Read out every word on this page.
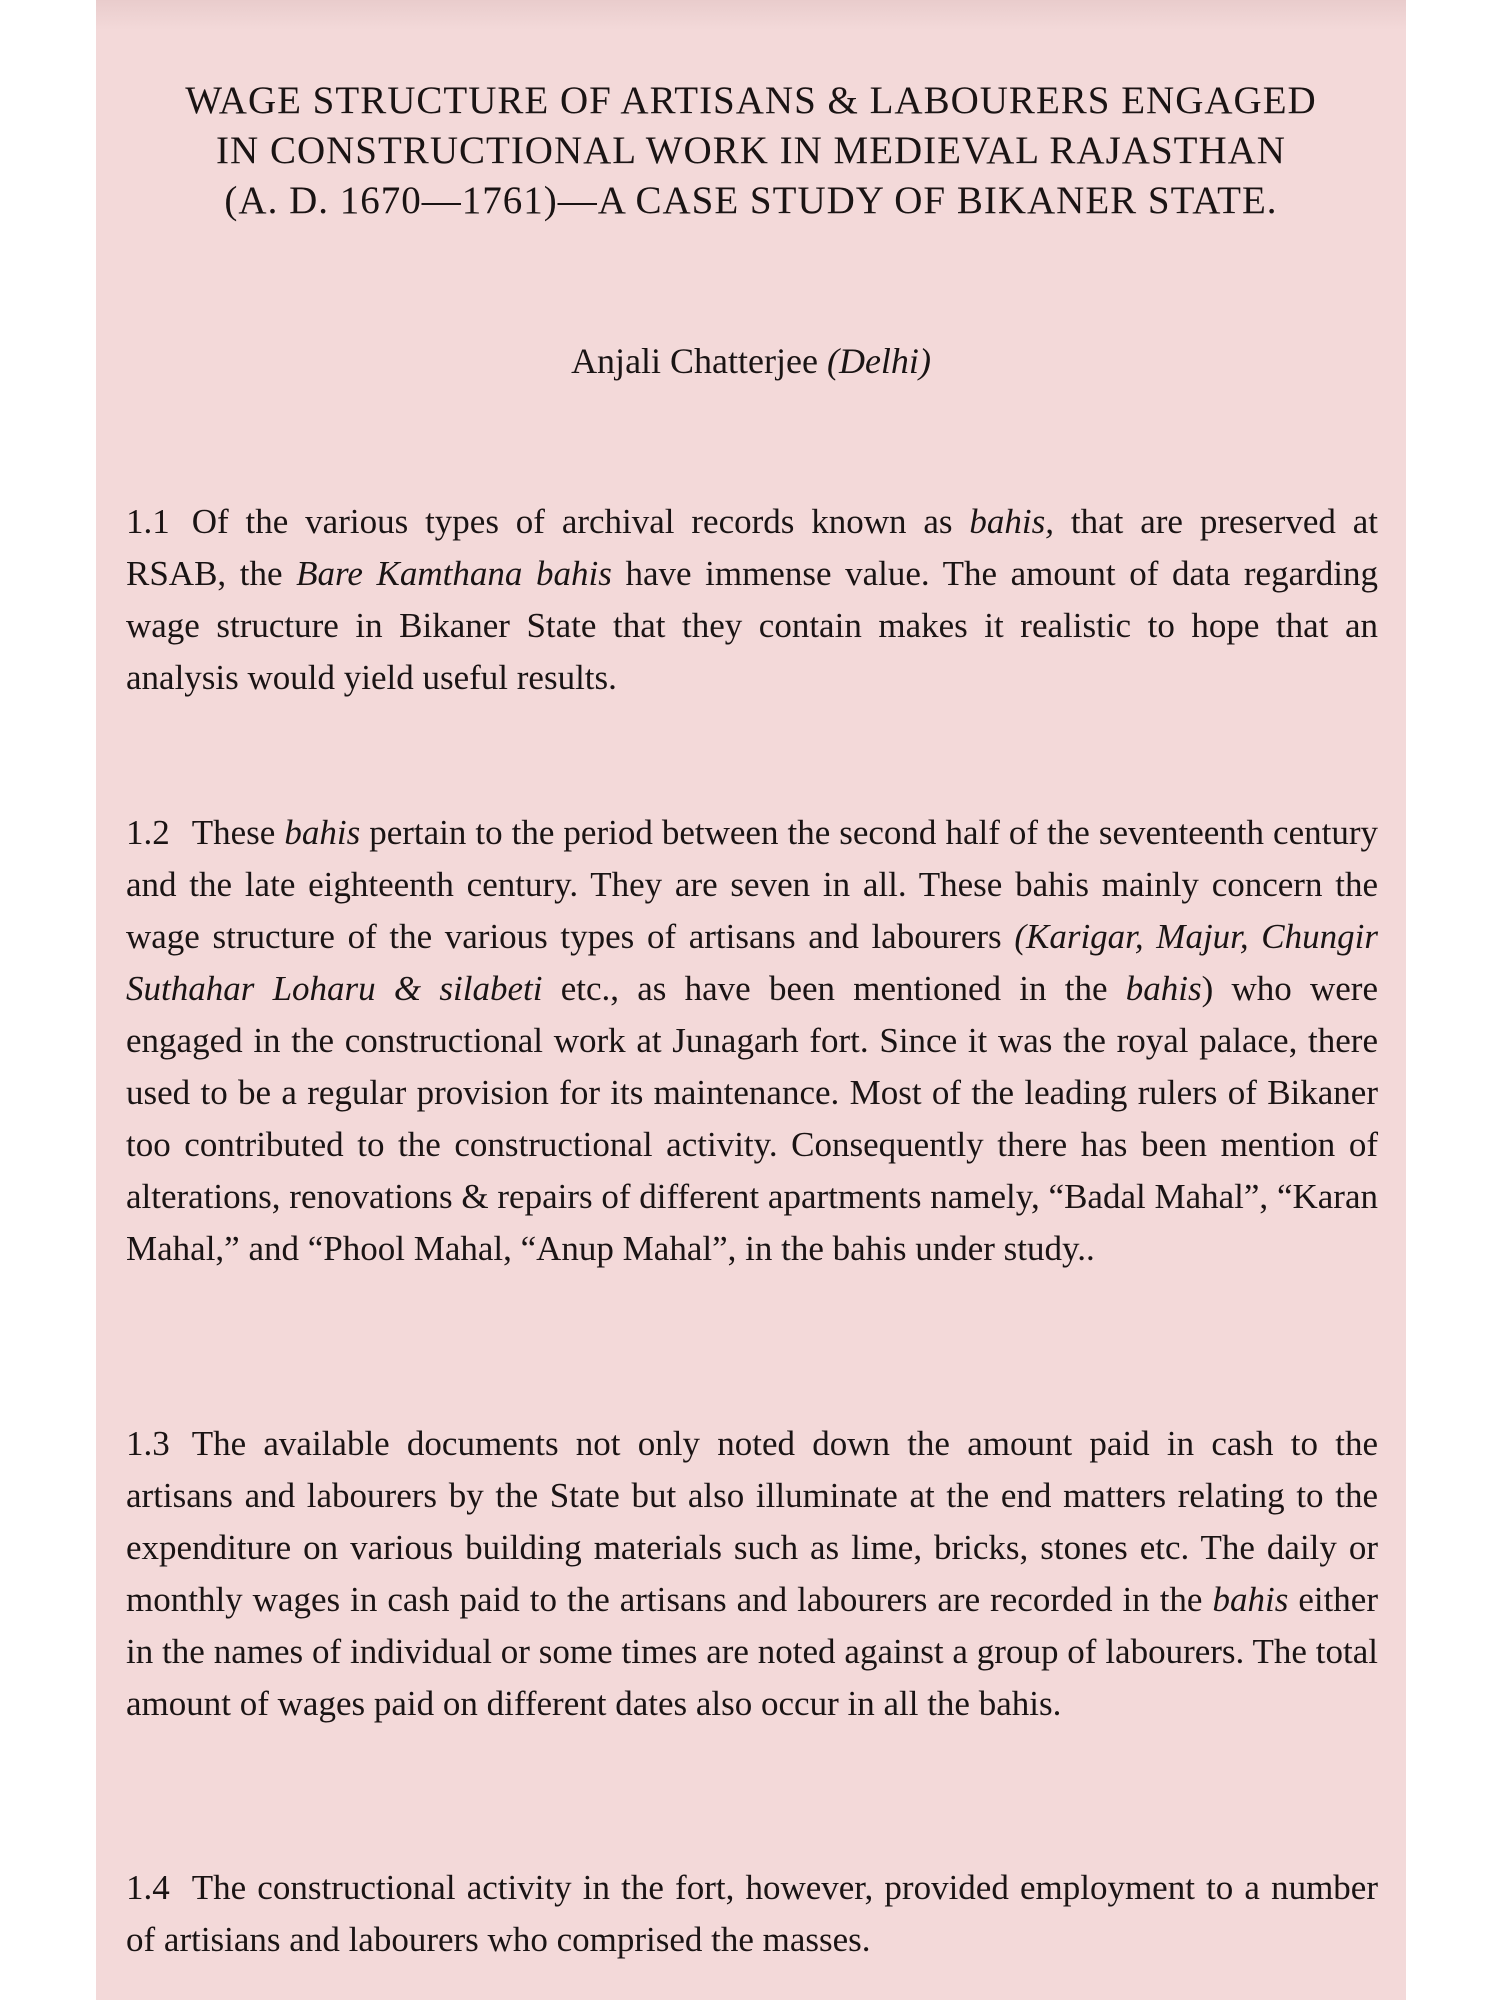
WAGE STRUCTURE OF ARTISANS & LABOURERS ENGAGED
IN CONSTRUCTIONAL WORK IN MEDIEVAL RAJASTHAN
(A. D. 1670—1761)—A CASE STUDY OF BIKANER STATE.
Anjali Chatterjee (Delhi)

1.1 Of the various types of archival records known as bahis, that are preserved at RSAB, the Bare Kamthana bahis have immense value. The amount of data regarding wage structure in Bikaner State that they contain makes it realistic to hope that an analysis would yield useful results.

1.2 These bahis pertain to the period between the second half of the seventeenth century and the late eighteenth century. They are seven in all. These bahis mainly concern the wage structure of the various types of artisans and labourers (Karigar, Majur, Chungir Suthahar Loharu & silabeti etc., as have been mentioned in the bahis) who were engaged in the constructional work at Junagarh fort. Since it was the royal palace, there used to be a regular provision for its maintenance. Most of the leading rulers of Bikaner too contributed to the constructional activity. Consequently there has been mention of alterations, renovations & repairs of different apartments namely, “Badal Mahal”, “Karan Mahal,” and “Phool Mahal, “Anup Mahal”, in the bahis under study..

1.3 The available documents not only noted down the amount paid in cash to the artisans and labourers by the State but also illuminate at the end matters relating to the expenditure on various building materials such as lime, bricks, stones etc. The daily or monthly wages in cash paid to the artisans and labourers are recorded in the bahis either in the names of individual or some times are noted against a group of labourers. The total amount of wages paid on different dates also occur in all the bahis.

1.4 The constructional activity in the fort, however, provided employment to a number of artisians and labourers who comprised the masses.
